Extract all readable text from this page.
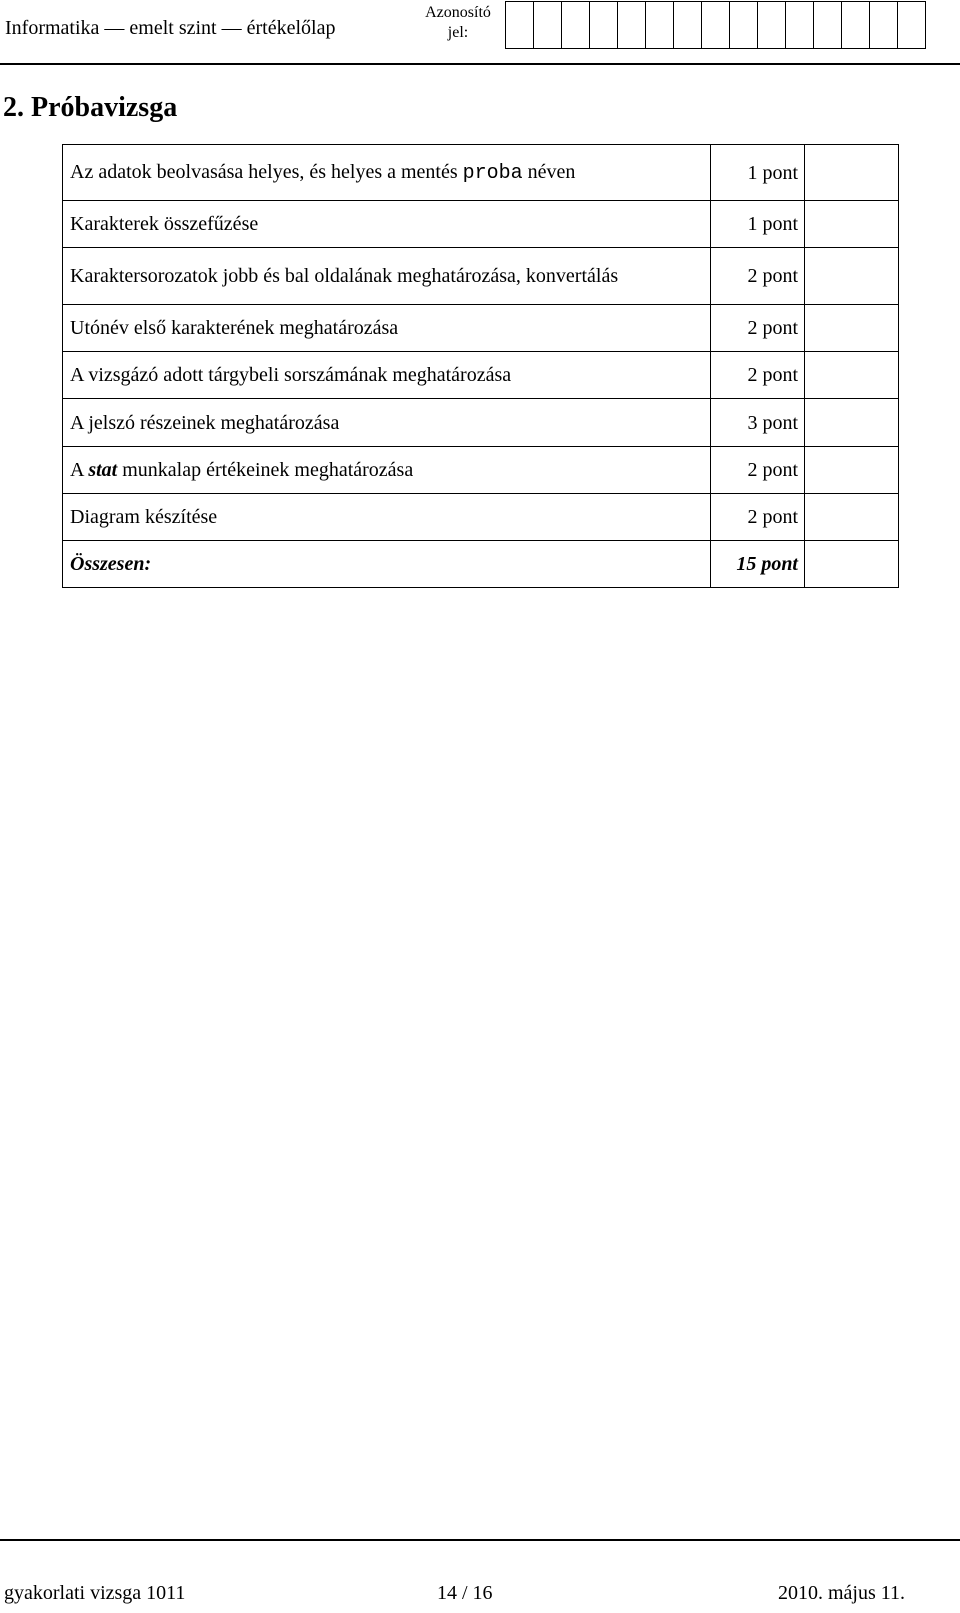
Informatika — emelt szint — értékelőlap
Azonosító
jel:
2. Próbavizsga
Az adatok beolvasása helyes, és helyes a mentés proba néven	1 pont	
Karakterek összefűzése	1 pont	
Karaktersorozatok jobb és bal oldalának meghatározása, konvertálás	2 pont	
Utónév első karakterének meghatározása	2 pont	
A vizsgázó adott tárgybeli sorszámának meghatározása	2 pont	
A jelszó részeinek meghatározása	3 pont	
A stat munkalap értékeinek meghatározása	2 pont	
Diagram készítése	2 pont	
Összesen:	15 pont	
gyakorlati vizsga 1011	14 / 16	2010. május 11.
